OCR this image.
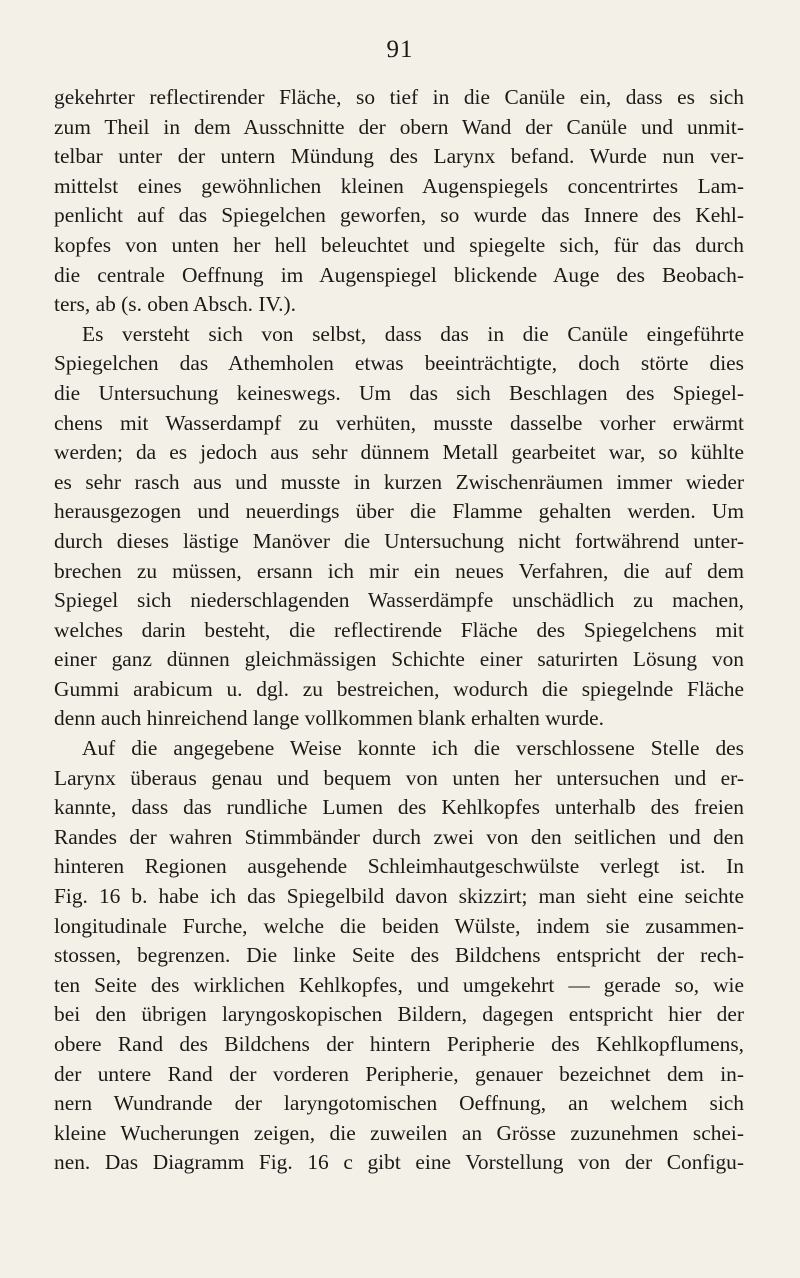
91
gekehrter reflectirender Fläche, so tief in die Canüle ein, dass es sich
zum Theil in dem Ausschnitte der obern Wand der Canüle und unmit-
telbar unter der untern Mündung des Larynx befand. Wurde nun ver-
mittelst eines gewöhnlichen kleinen Augenspiegels concentrirtes Lam-
penlicht auf das Spiegelchen geworfen, so wurde das Innere des Kehl-
kopfes von unten her hell beleuchtet und spiegelte sich, für das durch
die centrale Oeffnung im Augenspiegel blickende Auge des Beobach-
ters, ab (s. oben Absch. IV.).
Es versteht sich von selbst, dass das in die Canüle eingeführte
Spiegelchen das Athemholen etwas beeinträchtigte, doch störte dies
die Untersuchung keineswegs. Um das sich Beschlagen des Spiegel-
chens mit Wasserdampf zu verhüten, musste dasselbe vorher erwärmt
werden; da es jedoch aus sehr dünnem Metall gearbeitet war, so kühlte
es sehr rasch aus und musste in kurzen Zwischenräumen immer wieder
herausgezogen und neuerdings über die Flamme gehalten werden. Um
durch dieses lästige Manöver die Untersuchung nicht fortwährend unter-
brechen zu müssen, ersann ich mir ein neues Verfahren, die auf dem
Spiegel sich niederschlagenden Wasserdämpfe unschädlich zu machen,
welches darin besteht, die reflectirende Fläche des Spiegelchens mit
einer ganz dünnen gleichmässigen Schichte einer saturirten Lösung von
Gummi arabicum u. dgl. zu bestreichen, wodurch die spiegelnde Fläche
denn auch hinreichend lange vollkommen blank erhalten wurde.
Auf die angegebene Weise konnte ich die verschlossene Stelle des
Larynx überaus genau und bequem von unten her untersuchen und er-
kannte, dass das rundliche Lumen des Kehlkopfes unterhalb des freien
Randes der wahren Stimmbänder durch zwei von den seitlichen und den
hinteren Regionen ausgehende Schleimhautgeschwülste verlegt ist. In
Fig. 16 b. habe ich das Spiegelbild davon skizzirt; man sieht eine seichte
longitudinale Furche, welche die beiden Wülste, indem sie zusammen-
stossen, begrenzen. Die linke Seite des Bildchens entspricht der rech-
ten Seite des wirklichen Kehlkopfes, und umgekehrt — gerade so, wie
bei den übrigen laryngoskopischen Bildern, dagegen entspricht hier der
obere Rand des Bildchens der hintern Peripherie des Kehlkopflumens,
der untere Rand der vorderen Peripherie, genauer bezeichnet dem in-
nern Wundrande der laryngotomischen Oeffnung, an welchem sich
kleine Wucherungen zeigen, die zuweilen an Grösse zuzunehmen schei-
nen. Das Diagramm Fig. 16 c gibt eine Vorstellung von der Configu-
